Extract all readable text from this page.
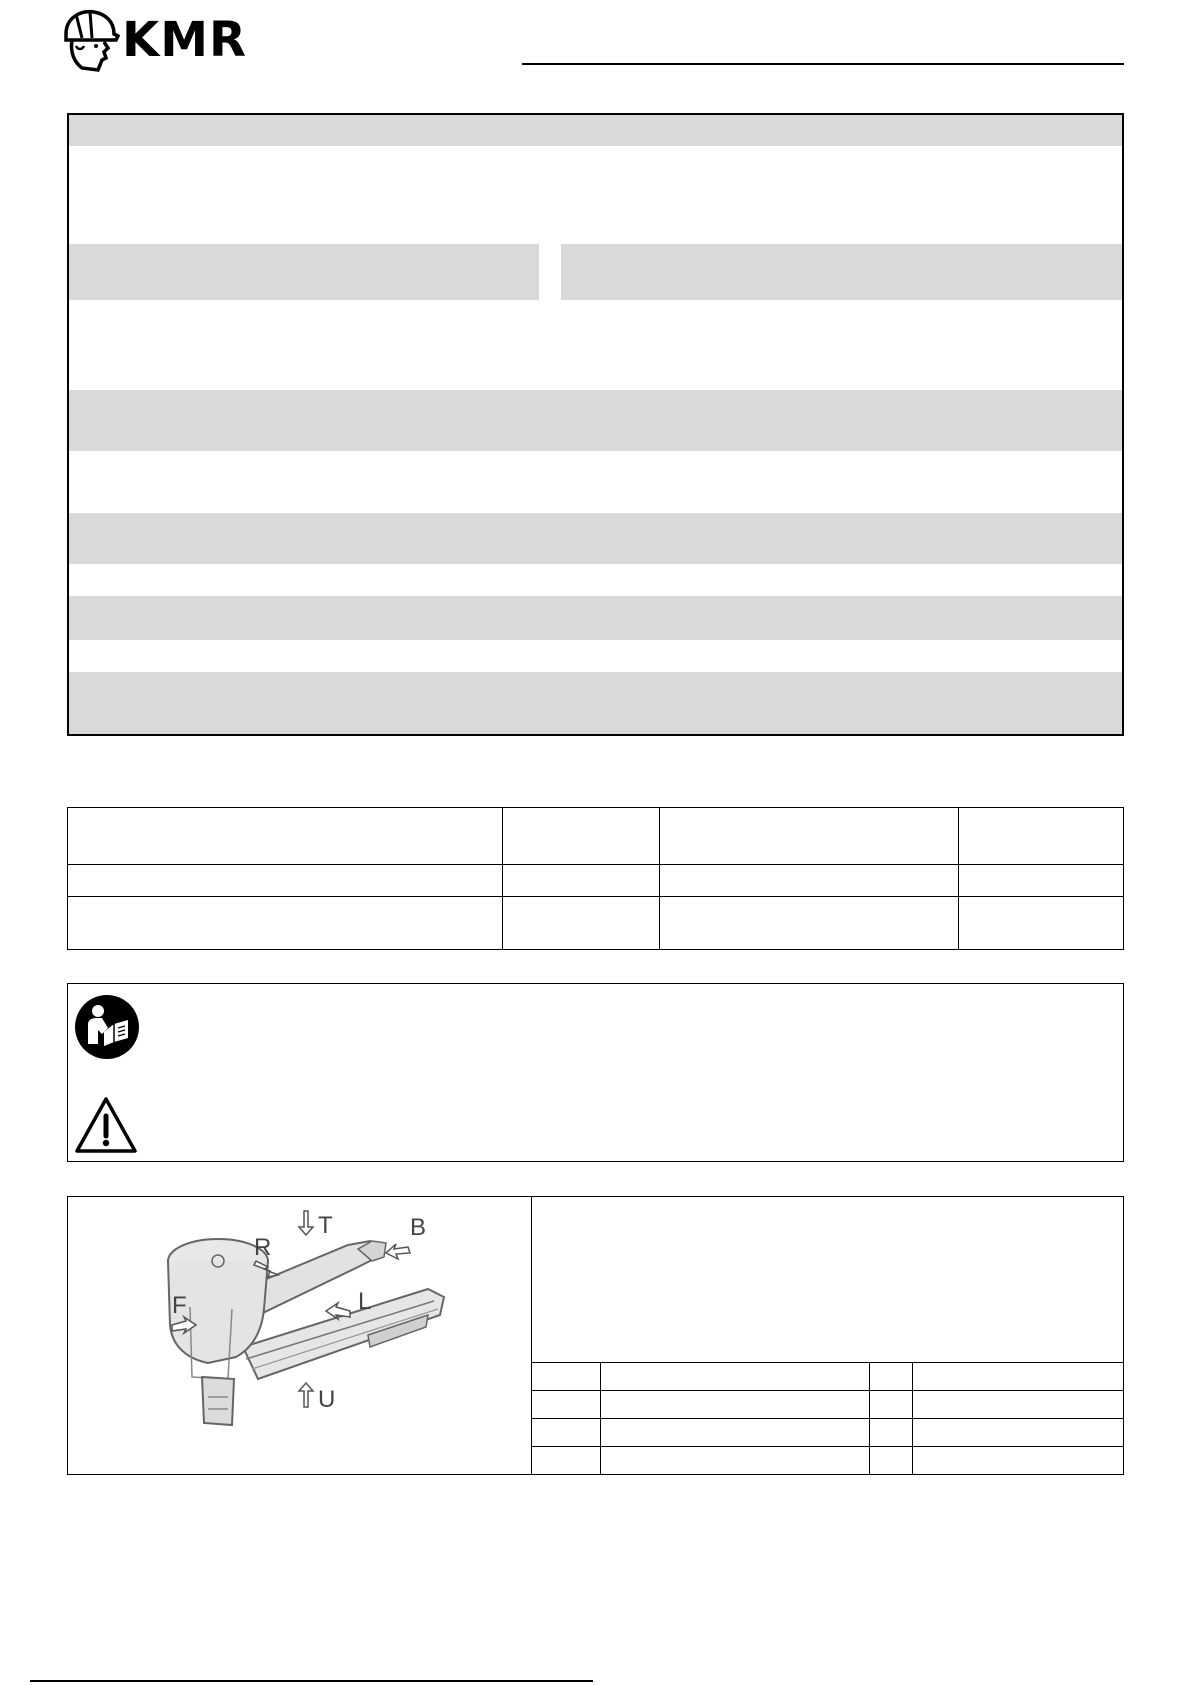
KMR
T	B
R
F	L
U
